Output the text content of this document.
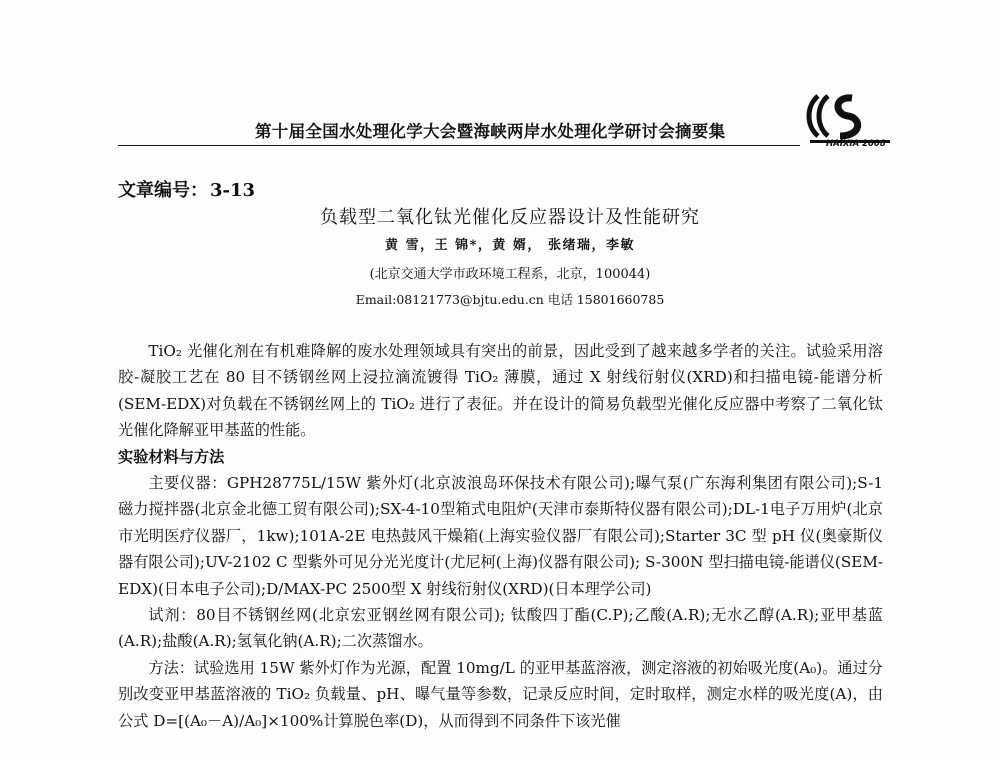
第十届全国水处理化学大会暨海峡两岸水处理化学研讨会摘要集
HAIXIA 2008
文章编号： 3-13
负载型二氧化钛光催化反应器设计及性能研究
黄 雪，王 锦*，黄 婿， 张绪瑞，李敏
(北京交通大学市政环境工程系，北京，100044)
Email:08121773@bjtu.edu.cn 电话 15801660785

TiO₂ 光催化剂在有机难降解的废水处理领域具有突出的前景，因此受到了越来越多学者的关注。试验采用溶胶-凝胶工艺在 80 目不锈钢丝网上浸拉滴流镀得 TiO₂ 薄膜，通过 X 射线衍射仪(XRD)和扫描电镜-能谱分析(SEM-EDX)对负载在不锈钢丝网上的 TiO₂ 进行了表征。并在设计的简易负载型光催化反应器中考察了二氧化钛光催化降解亚甲基蓝的性能。

实验材料与方法

主要仪器：GPH28775L/15W 紫外灯(北京波浪岛环保技术有限公司);曝气泵(广东海利集团有限公司);S-1 磁力搅拌器(北京金北德工贸有限公司);SX-4-10型箱式电阻炉(天津市泰斯特仪器有限公司);DL-1电子万用炉(北京市光明医疗仪器厂，1kw);101A-2E 电热鼓风干燥箱(上海实验仪器厂有限公司);Starter 3C 型 pH 仪(奥豪斯仪器有限公司);UV-2102 C 型紫外可见分光光度计(尤尼柯(上海)仪器有限公司); S-300N 型扫描电镜-能谱仪(SEM-EDX)(日本电子公司);D/MAX-PC 2500型 X 射线衍射仪(XRD)(日本理学公司)

试剂：80目不锈钢丝网(北京宏亚钢丝网有限公司); 钛酸四丁酯(C.P);乙酸(A.R);无水乙醇(A.R);亚甲基蓝(A.R);盐酸(A.R);氢氧化钠(A.R);二次蒸馏水。

方法：试验选用 15W 紫外灯作为光源，配置 10mg/L 的亚甲基蓝溶液，测定溶液的初始吸光度(A₀)。通过分别改变亚甲基蓝溶液的 TiO₂ 负载量、pH、曝气量等参数，记录反应时间，定时取样，测定水样的吸光度(A)，由公式 D=[(A₀－A)/A₀]×100%计算脱色率(D)，从而得到不同条件下该光催
